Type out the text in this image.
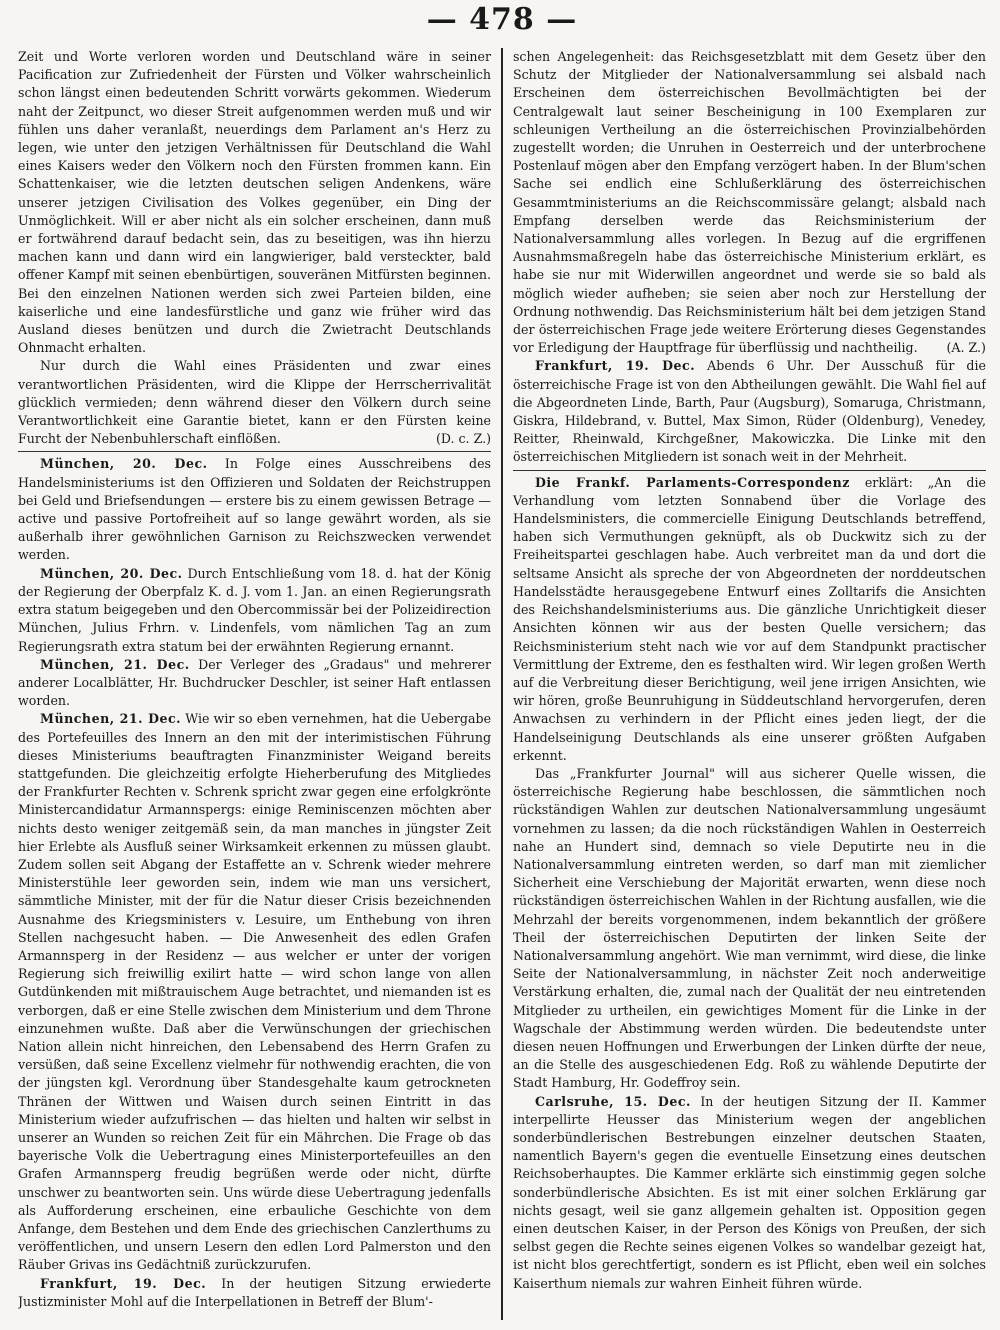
— 478 —

Zeit und Worte verloren worden und Deutschland wäre in seiner Pacification zur Zufriedenheit der Fürsten und Völker wahrscheinlich schon längst einen bedeutenden Schritt vorwärts gekommen. Wiederum naht der Zeitpunct, wo dieser Streit aufgenommen werden muß und wir fühlen uns daher veranlaßt, neuerdings dem Parlament an's Herz zu legen, wie unter den jetzigen Verhältnissen für Deutschland die Wahl eines Kaisers weder den Völkern noch den Fürsten frommen kann. Ein Schattenkaiser, wie die letzten deutschen seligen Andenkens, wäre unserer jetzigen Civilisation des Volkes gegenüber, ein Ding der Unmöglichkeit. Will er aber nicht als ein solcher erscheinen, dann muß er fortwährend darauf bedacht sein, das zu beseitigen, was ihn hierzu machen kann und dann wird ein langwieriger, bald versteckter, bald offener Kampf mit seinen ebenbürtigen, souveränen Mitfürsten beginnen. Bei den einzelnen Nationen werden sich zwei Parteien bilden, eine kaiserliche und eine landesfürstliche und ganz wie früher wird das Ausland dieses benützen und durch die Zwietracht Deutschlands Ohnmacht erhalten.

Nur durch die Wahl eines Präsidenten und zwar eines verantwortlichen Präsidenten, wird die Klippe der Herrscherrivalität glücklich vermieden; denn während dieser den Völkern durch seine Verantwortlichkeit eine Garantie bietet, kann er den Fürsten keine Furcht der Nebenbuhlerschaft einflößen.	(D. c. Z.)

München, 20. Dec. In Folge eines Ausschreibens des Handelsministeriums ist den Offizieren und Soldaten der Reichstruppen bei Geld und Briefsendungen — erstere bis zu einem gewissen Betrage — active und passive Portofreiheit auf so lange gewährt worden, als sie außerhalb ihrer gewöhnlichen Garnison zu Reichszwecken verwendet werden.

München, 20. Dec. Durch Entschließung vom 18. d. hat der König der Regierung der Oberpfalz K. d. J. vom 1. Jan. an einen Regierungsrath extra statum beigegeben und den Obercommissär bei der Polizeidirection München, Julius Frhrn. v. Lindenfels, vom nämlichen Tag an zum Regierungsrath extra statum bei der erwähnten Regierung ernannt.

München, 21. Dec. Der Verleger des „Gradaus" und mehrerer anderer Localblätter, Hr. Buchdrucker Deschler, ist seiner Haft entlassen worden.

München, 21. Dec. Wie wir so eben vernehmen, hat die Uebergabe des Portefeuilles des Innern an den mit der interimistischen Führung dieses Ministeriums beauftragten Finanzminister Weigand bereits stattgefunden. Die gleichzeitig erfolgte Hieherberufung des Mitgliedes der Frankfurter Rechten v. Schrenk spricht zwar gegen eine erfolgkrönte Ministercandidatur Armannspergs: einige Reminiscenzen möchten aber nichts desto weniger zeitgemäß sein, da man manches in jüngster Zeit hier Erlebte als Ausfluß seiner Wirksamkeit erkennen zu müssen glaubt. Zudem sollen seit Abgang der Estaffette an v. Schrenk wieder mehrere Ministerstühle leer geworden sein, indem wie man uns versichert, sämmtliche Minister, mit der für die Natur dieser Crisis bezeichnenden Ausnahme des Kriegsministers v. Lesuire, um Enthebung von ihren Stellen nachgesucht haben. — Die Anwesenheit des edlen Grafen Armannsperg in der Residenz — aus welcher er unter der vorigen Regierung sich freiwillig exilirt hatte — wird schon lange von allen Gutdünkenden mit mißtrauischem Auge betrachtet, und niemanden ist es verborgen, daß er eine Stelle zwischen dem Ministerium und dem Throne einzunehmen wußte. Daß aber die Verwünschungen der griechischen Nation allein nicht hinreichen, den Lebensabend des Herrn Grafen zu versüßen, daß seine Excellenz vielmehr für nothwendig erachten, die von der jüngsten kgl. Verordnung über Standesgehalte kaum getrockneten Thränen der Wittwen und Waisen durch seinen Eintritt in das Ministerium wieder aufzufrischen — das hielten und halten wir selbst in unserer an Wunden so reichen Zeit für ein Mährchen. Die Frage ob das bayerische Volk die Uebertragung eines Ministerportefeuilles an den Grafen Armannsperg freudig begrüßen werde oder nicht, dürfte unschwer zu beantworten sein. Uns würde diese Uebertragung jedenfalls als Aufforderung erscheinen, eine erbauliche Geschichte von dem Anfange, dem Bestehen und dem Ende des griechischen Canzlerthums zu veröffentlichen, und unsern Lesern den edlen Lord Palmerston und den Räuber Grivas ins Gedächtniß zurückzurufen.

Frankfurt, 19. Dec. In der heutigen Sitzung erwiederte Justizminister Mohl auf die Interpellationen in Betreff der Blum'-

schen Angelegenheit: das Reichsgesetzblatt mit dem Gesetz über den Schutz der Mitglieder der Nationalversammlung sei alsbald nach Erscheinen dem österreichischen Bevollmächtigten bei der Centralgewalt laut seiner Bescheinigung in 100 Exemplaren zur schleunigen Vertheilung an die österreichischen Provinzialbehörden zugestellt worden; die Unruhen in Oesterreich und der unterbrochene Postenlauf mögen aber den Empfang verzögert haben. In der Blum'schen Sache sei endlich eine Schlußerklärung des österreichischen Gesammtministeriums an die Reichscommissäre gelangt; alsbald nach Empfang derselben werde das Reichsministerium der Nationalversammlung alles vorlegen. In Bezug auf die ergriffenen Ausnahmsmaßregeln habe das österreichische Ministerium erklärt, es habe sie nur mit Widerwillen angeordnet und werde sie so bald als möglich wieder aufheben; sie seien aber noch zur Herstellung der Ordnung nothwendig. Das Reichsministerium hält bei dem jetzigen Stand der österreichischen Frage jede weitere Erörterung dieses Gegenstandes vor Erledigung der Hauptfrage für überflüssig und nachtheilig.	(A. Z.)

Frankfurt, 19. Dec. Abends 6 Uhr. Der Ausschuß für die österreichische Frage ist von den Abtheilungen gewählt. Die Wahl fiel auf die Abgeordneten Linde, Barth, Paur (Augsburg), Somaruga, Christmann, Giskra, Hildebrand, v. Buttel, Max Simon, Rüder (Oldenburg), Venedey, Reitter, Rheinwald, Kirchgeßner, Makowiczka. Die Linke mit den österreichischen Mitgliedern ist sonach weit in der Mehrheit.

Die Frankf. Parlaments-Correspondenz erklärt: „An die Verhandlung vom letzten Sonnabend über die Vorlage des Handelsministers, die commercielle Einigung Deutschlands betreffend, haben sich Vermuthungen geknüpft, als ob Duckwitz sich zu der Freiheitspartei geschlagen habe. Auch verbreitet man da und dort die seltsame Ansicht als spreche der von Abgeordneten der norddeutschen Handelsstädte herausgegebene Entwurf eines Zolltarifs die Ansichten des Reichshandelsministeriums aus. Die gänzliche Unrichtigkeit dieser Ansichten können wir aus der besten Quelle versichern; das Reichsministerium steht nach wie vor auf dem Standpunkt practischer Vermittlung der Extreme, den es festhalten wird. Wir legen großen Werth auf die Verbreitung dieser Berichtigung, weil jene irrigen Ansichten, wie wir hören, große Beunruhigung in Süddeutschland hervorgerufen, deren Anwachsen zu verhindern in der Pflicht eines jeden liegt, der die Handelseinigung Deutschlands als eine unserer größten Aufgaben erkennt.

Das „Frankfurter Journal" will aus sicherer Quelle wissen, die österreichische Regierung habe beschlossen, die sämmtlichen noch rückständigen Wahlen zur deutschen Nationalversammlung ungesäumt vornehmen zu lassen; da die noch rückständigen Wahlen in Oesterreich nahe an Hundert sind, demnach so viele Deputirte neu in die Nationalversammlung eintreten werden, so darf man mit ziemlicher Sicherheit eine Verschiebung der Majorität erwarten, wenn diese noch rückständigen österreichischen Wahlen in der Richtung ausfallen, wie die Mehrzahl der bereits vorgenommenen, indem bekanntlich der größere Theil der österreichischen Deputirten der linken Seite der Nationalversammlung angehört. Wie man vernimmt, wird diese, die linke Seite der Nationalversammlung, in nächster Zeit noch anderweitige Verstärkung erhalten, die, zumal nach der Qualität der neu eintretenden Mitglieder zu urtheilen, ein gewichtiges Moment für die Linke in der Wagschale der Abstimmung werden würden. Die bedeutendste unter diesen neuen Hoffnungen und Erwerbungen der Linken dürfte der neue, an die Stelle des ausgeschiedenen Edg. Roß zu wählende Deputirte der Stadt Hamburg, Hr. Godeffroy sein.

Carlsruhe, 15. Dec. In der heutigen Sitzung der II. Kammer interpellirte Heusser das Ministerium wegen der angeblichen sonderbündlerischen Bestrebungen einzelner deutschen Staaten, namentlich Bayern's gegen die eventuelle Einsetzung eines deutschen Reichsoberhauptes. Die Kammer erklärte sich einstimmig gegen solche sonderbündlerische Absichten. Es ist mit einer solchen Erklärung gar nichts gesagt, weil sie ganz allgemein gehalten ist. Opposition gegen einen deutschen Kaiser, in der Person des Königs von Preußen, der sich selbst gegen die Rechte seines eigenen Volkes so wandelbar gezeigt hat, ist nicht blos gerechtfertigt, sondern es ist Pflicht, eben weil ein solches Kaiserthum niemals zur wahren Einheit führen würde.
